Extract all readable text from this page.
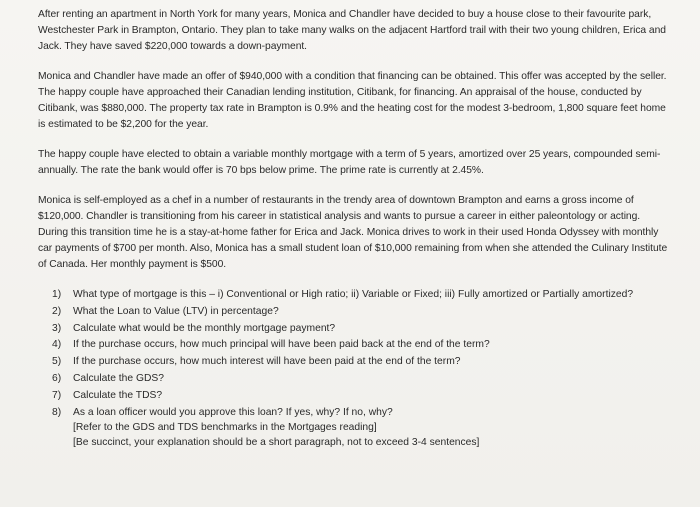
After renting an apartment in North York for many years, Monica and Chandler have decided to buy a house close to their favourite park, Westchester Park in Brampton, Ontario. They plan to take many walks on the adjacent Hartford trail with their two young children, Erica and Jack. They have saved $220,000 towards a down-payment.

Monica and Chandler have made an offer of $940,000 with a condition that financing can be obtained. This offer was accepted by the seller. The happy couple have approached their Canadian lending institution, Citibank, for financing. An appraisal of the house, conducted by Citibank, was $880,000. The property tax rate in Brampton is 0.9% and the heating cost for the modest 3-bedroom, 1,800 square feet home is estimated to be $2,200 for the year.

The happy couple have elected to obtain a variable monthly mortgage with a term of 5 years, amortized over 25 years, compounded semi-annually. The rate the bank would offer is 70 bps below prime. The prime rate is currently at 2.45%.

Monica is self-employed as a chef in a number of restaurants in the trendy area of downtown Brampton and earns a gross income of $120,000. Chandler is transitioning from his career in statistical analysis and wants to pursue a career in either paleontology or acting. During this transition time he is a stay-at-home father for Erica and Jack. Monica drives to work in their used Honda Odyssey with monthly car payments of $700 per month. Also, Monica has a small student loan of $10,000 remaining from when she attended the Culinary Institute of Canada. Her monthly payment is $500.

1) What type of mortgage is this – i) Conventional or High ratio; ii) Variable or Fixed; iii) Fully amortized or Partially amortized?
2) What the Loan to Value (LTV) in percentage?
3) Calculate what would be the monthly mortgage payment?
4) If the purchase occurs, how much principal will have been paid back at the end of the term?
5) If the purchase occurs, how much interest will have been paid at the end of the term?
6) Calculate the GDS?
7) Calculate the TDS?
8) As a loan officer would you approve this loan? If yes, why? If no, why?
[Refer to the GDS and TDS benchmarks in the Mortgages reading]
[Be succinct, your explanation should be a short paragraph, not to exceed 3-4 sentences]
